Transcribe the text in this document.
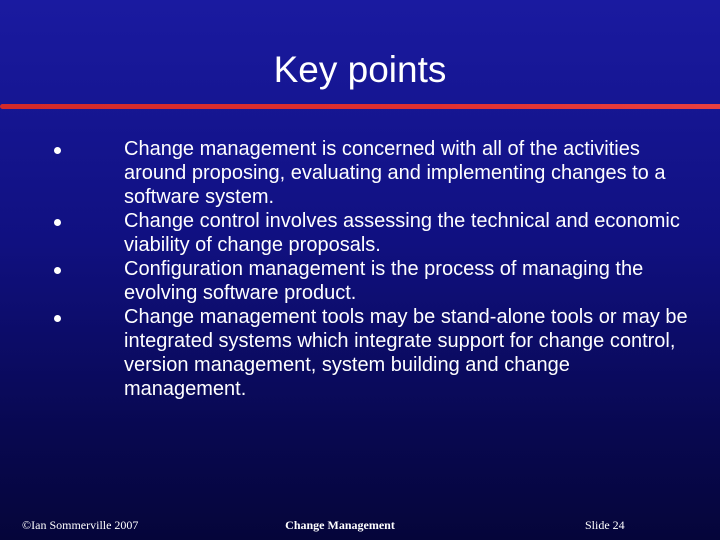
Key points
Change management is concerned with all of the activities around proposing, evaluating and implementing changes to a software system.
Change control involves assessing the technical and economic viability of change proposals.
Configuration management is the process of managing the evolving software product.
Change management tools may be stand-alone tools or may be integrated systems which integrate support for change control, version management, system building and change management.
©Ian Sommerville 2007	Change Management	Slide 24
